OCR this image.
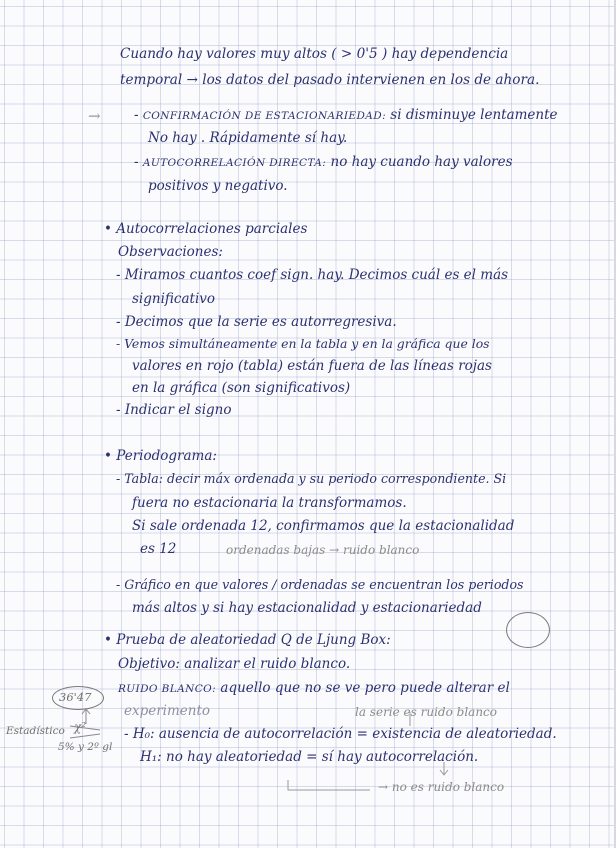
Cuando hay valores muy altos ( > 0'5 ) hay dependencia
temporal → los datos del pasado intervienen en los de ahora.
→ - CONFIRMACIÓN DE ESTACIONARIEDAD: si disminuye lentamente
No hay . Rápidamente sí hay.
- AUTOCORRELACIÓN DIRECTA: no hay cuando hay valores
positivos y negativo.
• Autocorrelaciones parciales
Observaciones:
- Miramos cuantos coef sign. hay. Decimos cuál es el más
significativo
- Decimos que la serie es autorregresiva.
- Vemos simultáneamente en la tabla y en la gráfica que los
valores en rojo (tabla) están fuera de las líneas rojas
en la gráfica (son significativos)
- Indicar el signo
• Periodograma:
- Tabla: decir máx ordenada y su periodo correspondiente. Si
fuera no estacionaria la transformamos.
Si sale ordenada 12, confirmamos que la estacionalidad
es 12	ordenadas bajas → ruido blanco
- Gráfico en que valores / ordenadas se encuentran los periodos
más altos y si hay estacionalidad y estacionariedad
• Prueba de aleatoriedad Q de Ljung Box:
Objetivo: analizar el ruido blanco.
RUIDO BLANCO: aquello que no se ve pero puede alterar el
experimento	la serie es ruido blanco
- H₀: ausencia de autocorrelación = existencia de aleatoriedad.
H₁: no hay aleatoriedad = sí hay autocorrelación.
→ no es ruido blanco
36'47
Estadístico χ²
5% y 2º gl
